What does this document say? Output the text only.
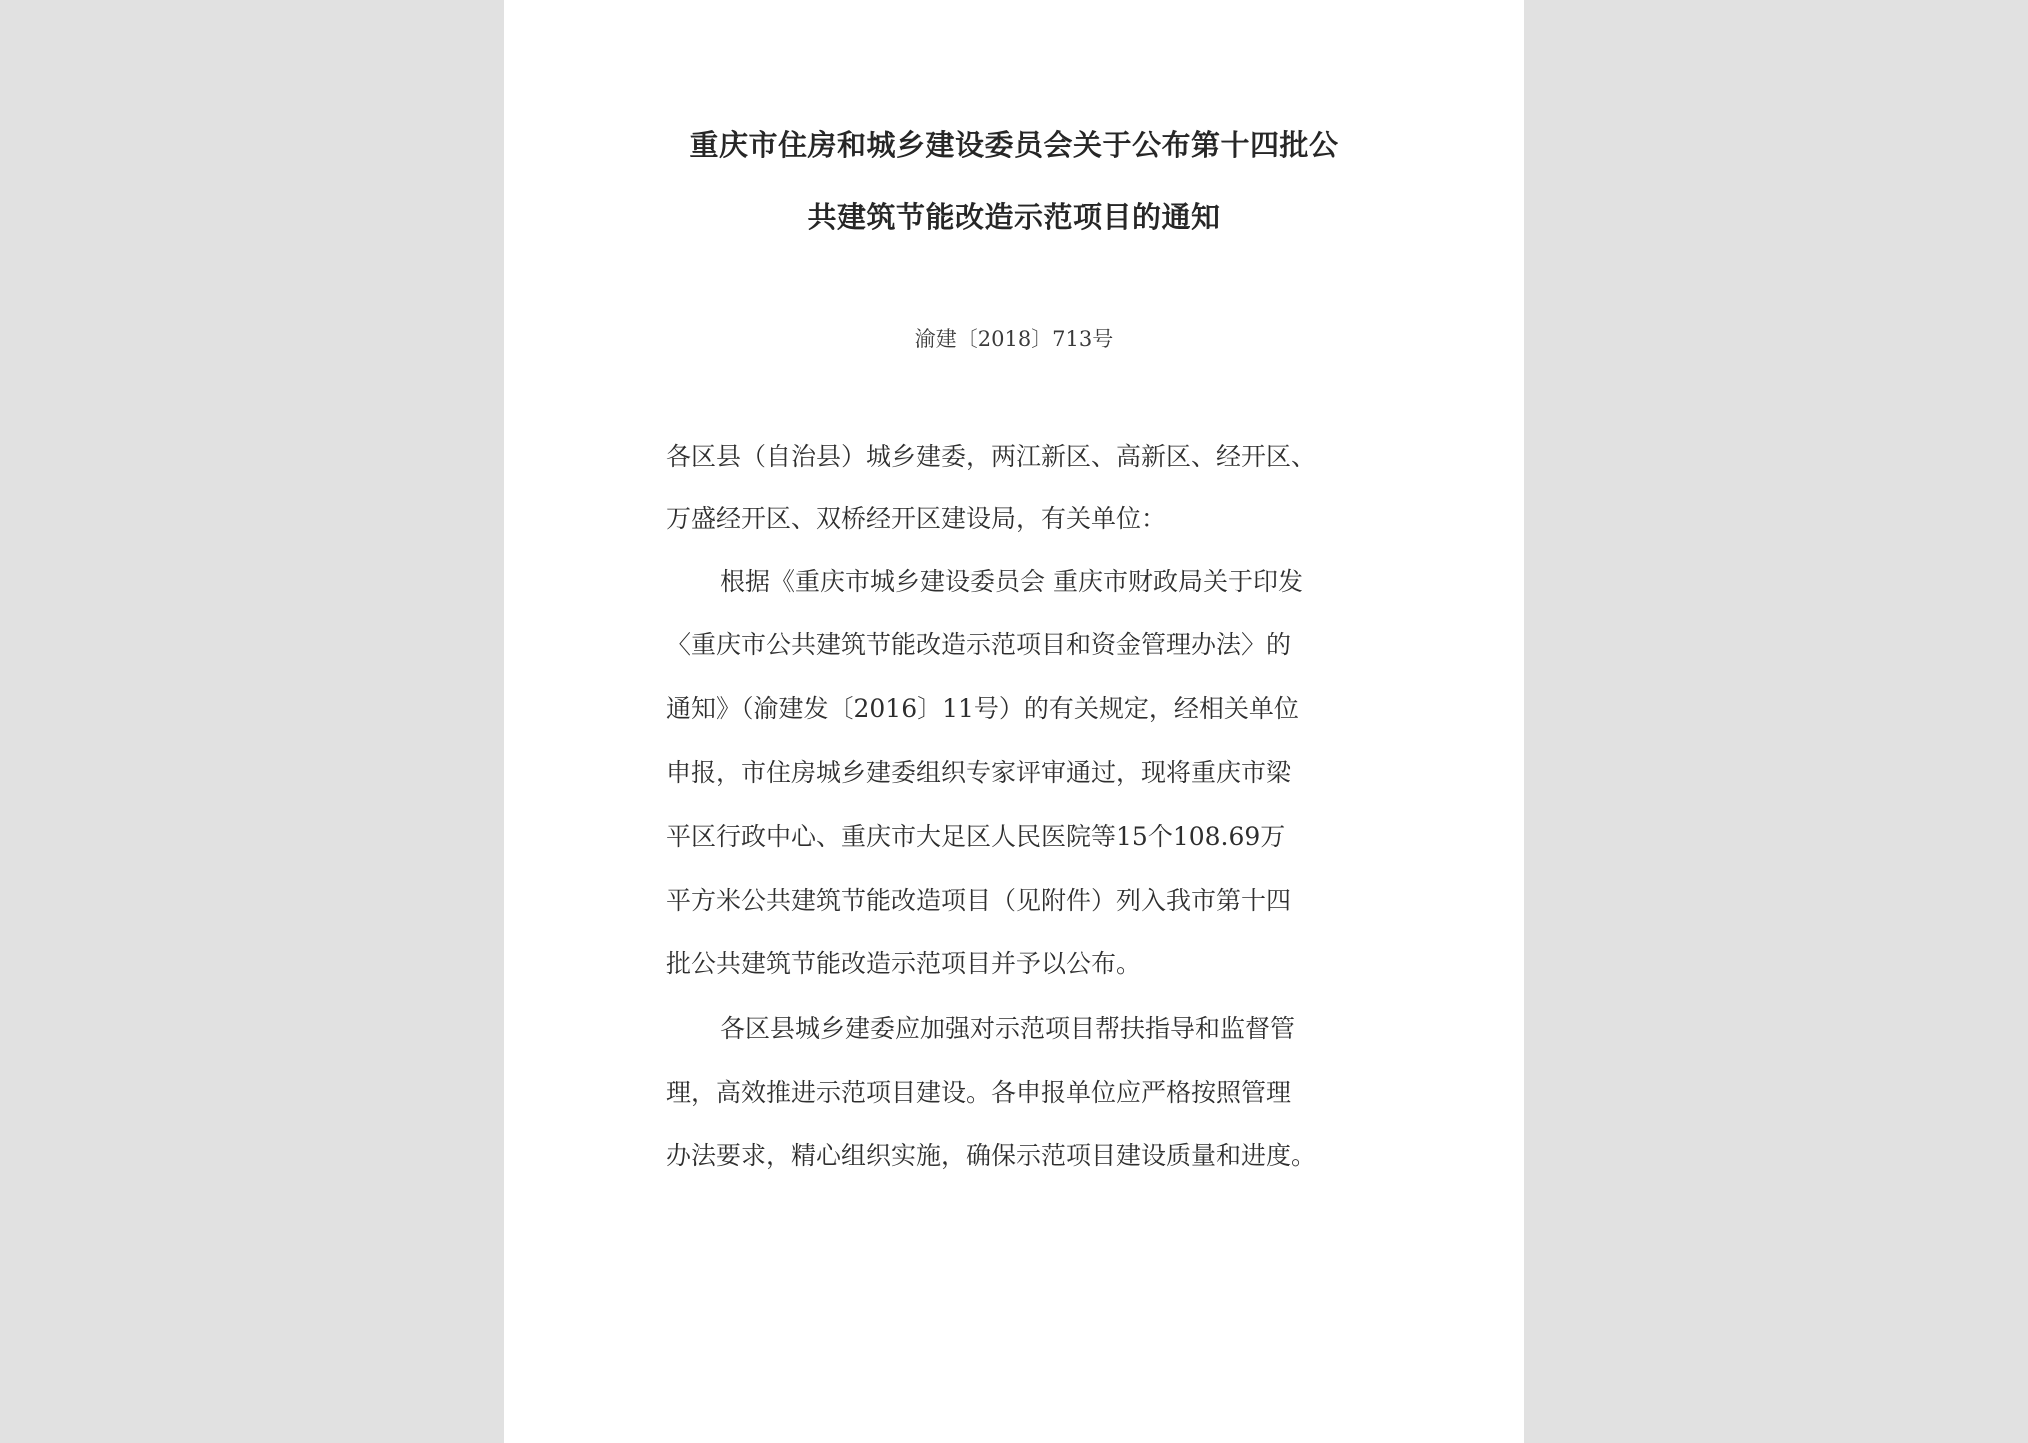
重庆市住房和城乡建设委员会关于公布第十四批公
共建筑节能改造示范项目的通知
渝建〔2018〕713号
各区县（自治县）城乡建委，两江新区、高新区、经开区、
万盛经开区、双桥经开区建设局，有关单位：
根据《重庆市城乡建设委员会 重庆市财政局关于印发
〈重庆市公共建筑节能改造示范项目和资金管理办法〉的
通知》（渝建发〔2016〕11号）的有关规定，经相关单位
申报，市住房城乡建委组织专家评审通过，现将重庆市梁
平区行政中心、重庆市大足区人民医院等15个108.69万
平方米公共建筑节能改造项目（见附件）列入我市第十四
批公共建筑节能改造示范项目并予以公布。
各区县城乡建委应加强对示范项目帮扶指导和监督管
理，高效推进示范项目建设。各申报单位应严格按照管理
办法要求，精心组织实施，确保示范项目建设质量和进度。
